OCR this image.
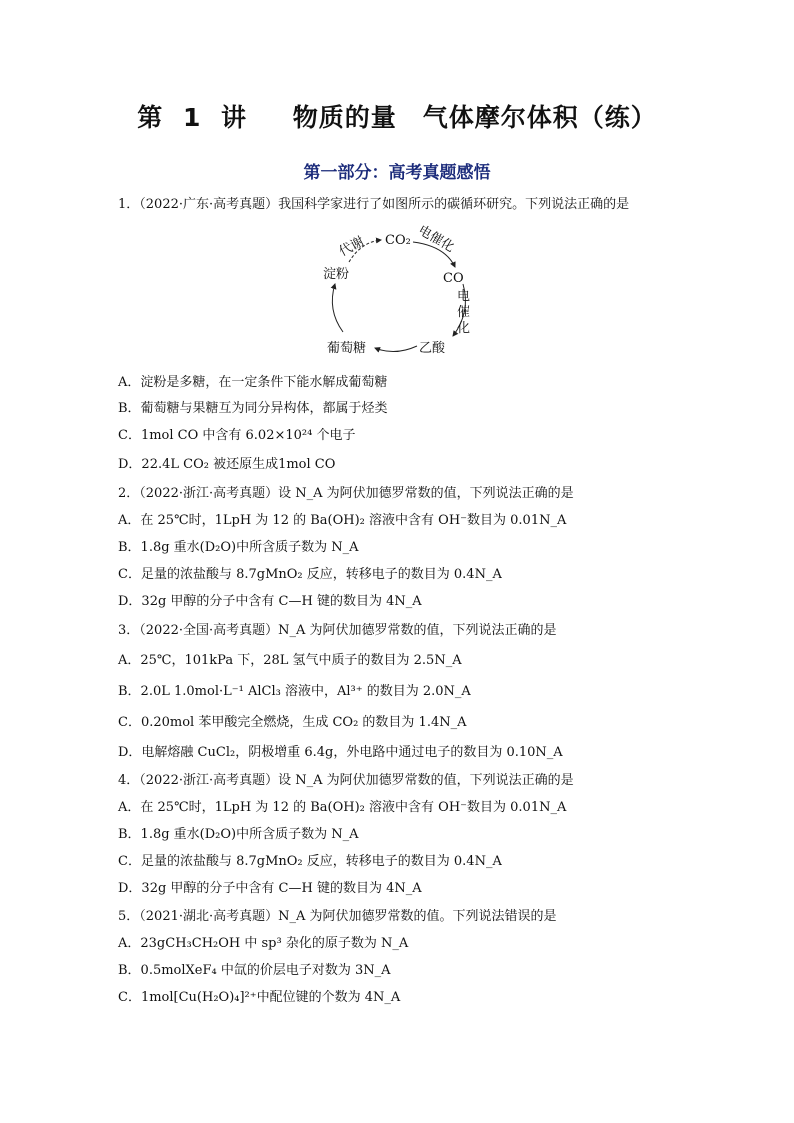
第 1 讲　 物质的量　气体摩尔体积（练）
第一部分：高考真题感悟
1．（2022·广东·高考真题）我国科学家进行了如图所示的碳循环研究。下列说法正确的是
CO₂
CO
乙酸
葡萄糖
淀粉
代谢	电催化
电
催
化
A．淀粉是多糖，在一定条件下能水解成葡萄糖
B．葡萄糖与果糖互为同分异构体，都属于烃类
C．1mol CO 中含有 6.02×10²⁴ 个电子
D．22.4L CO₂ 被还原生成1mol CO
2．（2022·浙江·高考真题）设 N_A 为阿伏加德罗常数的值，下列说法正确的是
A．在 25℃时，1LpH 为 12 的 Ba(OH)₂ 溶液中含有 OH⁻数目为 0.01N_A
B．1.8g 重水(D₂O)中所含质子数为 N_A
C．足量的浓盐酸与 8.7gMnO₂ 反应，转移电子的数目为 0.4N_A
D．32g 甲醇的分子中含有 C—H 键的数目为 4N_A
3．（2022·全国·高考真题）N_A 为阿伏加德罗常数的值，下列说法正确的是
A．25℃，101kPa 下，28L 氢气中质子的数目为 2.5N_A
B．2.0L 1.0mol·L⁻¹ AlCl₃ 溶液中，Al³⁺ 的数目为 2.0N_A
C．0.20mol 苯甲酸完全燃烧，生成 CO₂ 的数目为 1.4N_A
D．电解熔融 CuCl₂，阴极增重 6.4g，外电路中通过电子的数目为 0.10N_A
4．（2022·浙江·高考真题）设 N_A 为阿伏加德罗常数的值，下列说法正确的是
A．在 25℃时，1LpH 为 12 的 Ba(OH)₂ 溶液中含有 OH⁻数目为 0.01N_A
B．1.8g 重水(D₂O)中所含质子数为 N_A
C．足量的浓盐酸与 8.7gMnO₂ 反应，转移电子的数目为 0.4N_A
D．32g 甲醇的分子中含有 C—H 键的数目为 4N_A
5．（2021·湖北·高考真题）N_A 为阿伏加德罗常数的值。下列说法错误的是
A．23gCH₃CH₂OH 中 sp³ 杂化的原子数为 N_A
B．0.5molXeF₄ 中氙的价层电子对数为 3N_A
C．1mol[Cu(H₂O)₄]²⁺中配位键的个数为 4N_A
